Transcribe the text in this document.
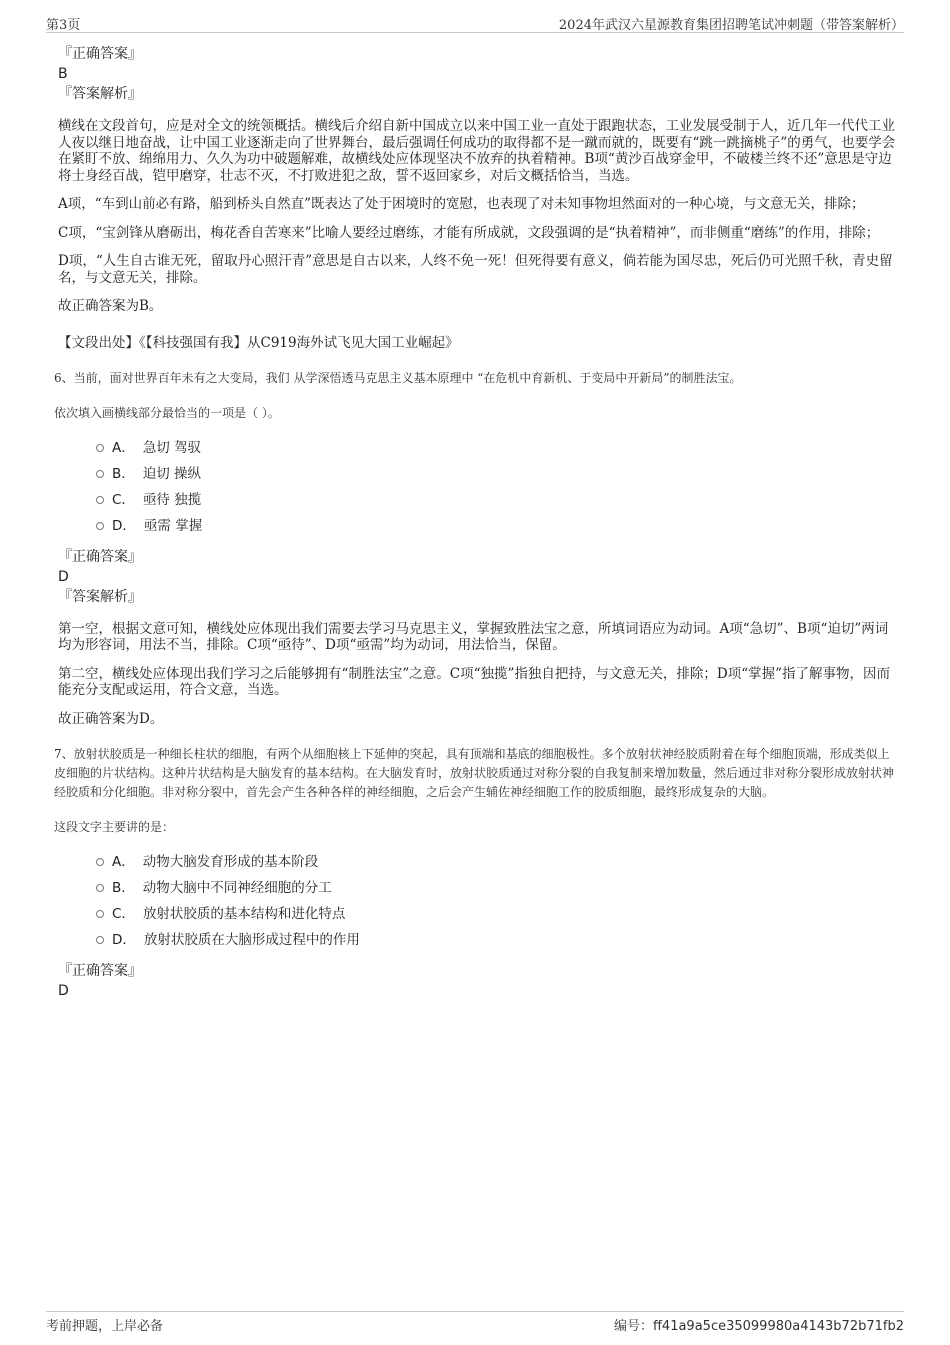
第3页	2024年武汉六星源教育集团招聘笔试冲刺题（带答案解析）
『正确答案』
B
『答案解析』

横线在文段首句，应是对全文的统领概括。横线后介绍自新中国成立以来中国工业一直处于跟跑状态，工业发展受制于人，近几年一代代工业人夜以继日地奋战，让中国工业逐渐走向了世界舞台，最后强调任何成功的取得都不是一蹴而就的，既要有“跳一跳摘桃子”的勇气，也要学会在紧盯不放、绵绵用力、久久为功中破题解难，故横线处应体现坚决不放弃的执着精神。B项“黄沙百战穿金甲，不破楼兰终不还”意思是守边将士身经百战，铠甲磨穿，壮志不灭，不打败进犯之敌，誓不返回家乡，对后文概括恰当，当选。

A项，“车到山前必有路，船到桥头自然直”既表达了处于困境时的宽慰，也表现了对未知事物坦然面对的一种心境，与文意无关，排除；

C项，“宝剑锋从磨砺出，梅花香自苦寒来”比喻人要经过磨练，才能有所成就，文段强调的是“执着精神”，而非侧重“磨练”的作用，排除；

D项，“人生自古谁无死，留取丹心照汗青”意思是自古以来，人终不免一死！但死得要有意义，倘若能为国尽忠，死后仍可光照千秋，青史留名，与文意无关，排除。

故正确答案为B。

【文段出处】《【科技强国有我】从C919海外试飞见大国工业崛起》
6、当前，面对世界百年未有之大变局，我们 从学深悟透马克思主义基本原理中 “在危机中育新机、于变局中开新局”的制胜法宝。
依次填入画横线部分最恰当的一项是（ ）。
A． 急切 驾驭
B． 迫切 操纵
C． 亟待 独揽
D． 亟需 掌握
『正确答案』
D
『答案解析』

第一空，根据文意可知，横线处应体现出我们需要去学习马克思主义，掌握致胜法宝之意，所填词语应为动词。A项“急切”、B项“迫切”两词均为形容词，用法不当，排除。C项“亟待”、D项“亟需”均为动词，用法恰当，保留。

第二空，横线处应体现出我们学习之后能够拥有“制胜法宝”之意。C项“独揽”指独自把持，与文意无关，排除；D项“掌握”指了解事物，因而能充分支配或运用，符合文意，当选。

故正确答案为D。

7、放射状胶质是一种细长柱状的细胞，有两个从细胞核上下延伸的突起，具有顶端和基底的细胞极性。多个放射状神经胶质附着在每个细胞顶端，形成类似上皮细胞的片状结构。这种片状结构是大脑发育的基本结构。在大脑发育时，放射状胶质通过对称分裂的自我复制来增加数量，然后通过非对称分裂形成放射状神经胶质和分化细胞。非对称分裂中，首先会产生各种各样的神经细胞，之后会产生辅佐神经细胞工作的胶质细胞，最终形成复杂的大脑。
这段文字主要讲的是：
A． 动物大脑发育形成的基本阶段
B． 动物大脑中不同神经细胞的分工
C． 放射状胶质的基本结构和进化特点
D． 放射状胶质在大脑形成过程中的作用
『正确答案』
D
考前押题，上岸必备	编号：ff41a9a5ce35099980a4143b72b71fb2
